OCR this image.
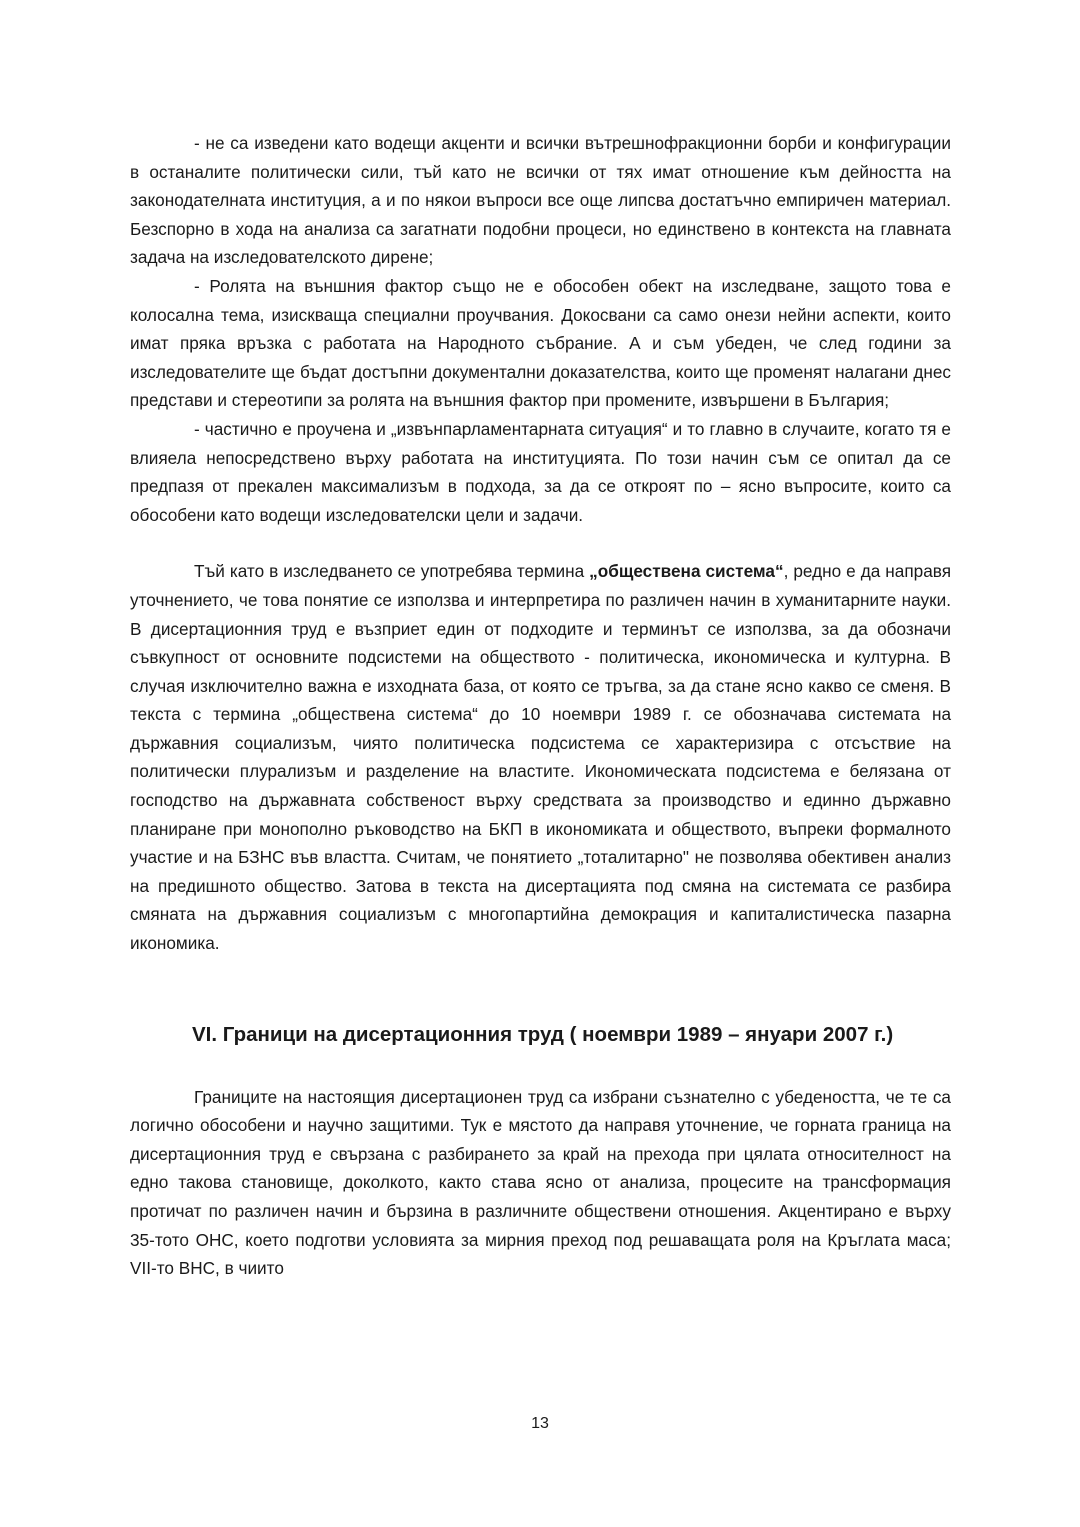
- не са изведени като водещи акценти и всички вътрешнофракционни борби и конфигурации в останалите политически сили, тъй като не всички от тях имат отношение към дейността на законодателната институция, а и по някои въпроси все още липсва достатъчно емпиричен материал. Безспорно в хода на анализа са загатнати подобни процеси, но единствено в контекста на главната задача на изследователското дирене;

- Ролята на външния фактор също не е обособен обект на изследване, защото това е колосална тема, изискваща специални проучвания. Докосвани са само онези нейни аспекти, които имат пряка връзка с работата на Народното събрание. А и съм убеден, че след години за изследователите ще бъдат достъпни документални доказателства, които ще променят налагани днес представи и стереотипи за ролята на външния фактор при промените, извършени в България;

- частично е проучена и „извънпарламентарната ситуация“ и то главно в случаите, когато тя е влияела непосредствено върху работата на институцията. По този начин съм се опитал да се предпазя от прекален максимализъм в подхода, за да се откроят по – ясно въпросите, които са обособени като водещи изследователски цели и задачи.

Тъй като в изследването се употребява термина „обществена система“, редно е да направя уточнението, че това понятие се използва и интерпретира по различен начин в хуманитарните науки. В дисертационния труд е възприет един от подходите и терминът се използва, за да обозначи съвкупност от основните подсистеми на обществото - политическа, икономическа и културна. В случая изключително важна е изходната база, от която се тръгва, за да стане ясно какво се сменя. В текста с термина „обществена система“ до 10 ноември 1989 г. се обозначава системата на държавния социализъм, чиято политическа подсистема се характеризира с отсъствие на политически плурализъм и разделение на властите. Икономическата подсистема е белязана от господство на държавната собственост върху средствата за производство и единно държавно планиране при монополно ръководство на БКП в икономиката и обществото, въпреки формалното участие и на БЗНС във властта. Считам, че понятието „тоталитарно" не позволява обективен анализ на предишното общество. Затова в текста на дисертацията под смяна на системата се разбира смяната на държавния социализъм с многопартийна демокрация и капиталистическа пазарна икономика.

VI. Граници на дисертационния труд ( ноември 1989 – януари 2007 г.)

Границите на настоящия дисертационен труд са избрани съзнателно с убедеността, че те са логично обособени и научно защитими. Тук е мястото да направя уточнение, че горната граница на дисертационния труд е свързана с разбирането за край на прехода при цялата относителност на едно такова становище, доколкото, както става ясно от анализа, процесите на трансформация протичат по различен начин и бързина в различните обществени отношения. Акцентирано е върху 35-тото ОНС, което подготви условията за мирния преход под решаващата роля на Кръглата маса; VII-то ВНС, в чиито

13
